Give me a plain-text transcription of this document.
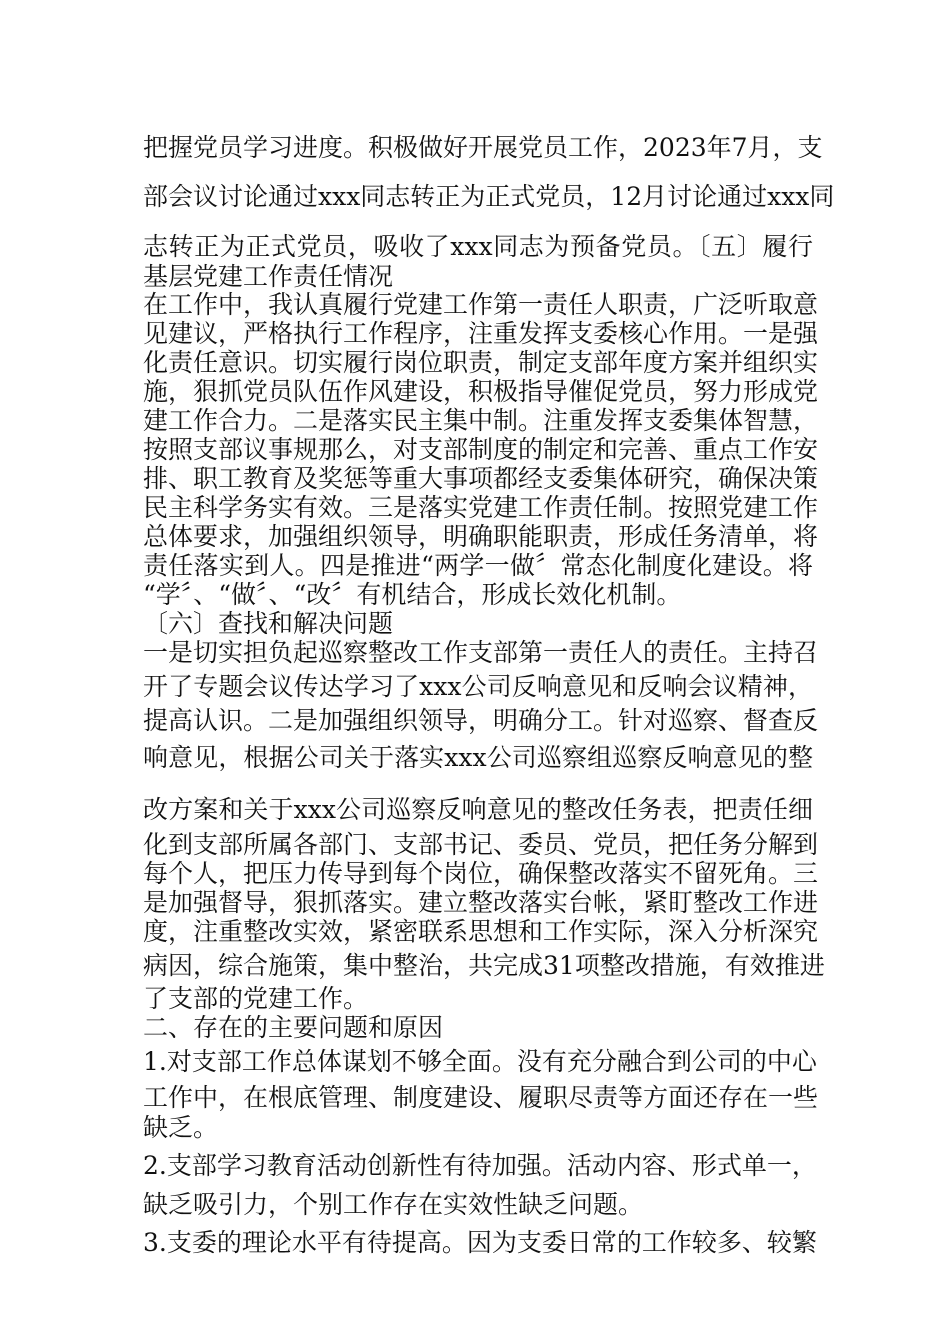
把握党员学习进度。积极做好开展党员工作，2023年7月，支
部会议讨论通过xxx同志转正为正式党员，12月讨论通过xxx同
志转正为正式党员，吸收了xxx同志为预备党员。〔五〕履行
基层党建工作责任情况
在工作中，我认真履行党建工作第一责任人职责，广泛听取意
见建议，严格执行工作程序，注重发挥支委核心作用。一是强
化责任意识。切实履行岗位职责，制定支部年度方案并组织实
施，狠抓党员队伍作风建设，积极指导催促党员，努力形成党
建工作合力。二是落实民主集中制。注重发挥支委集体智慧，
按照支部议事规那么，对支部制度的制定和完善、重点工作安
排、职工教育及奖惩等重大事项都经支委集体研究，确保决策
民主科学务实有效。三是落实党建工作责任制。按照党建工作
总体要求，加强组织领导，明确职能职责，形成任务清单，将
责任落实到人。四是推进“两学一做〞常态化制度化建设。将
“学〞、“做〞、“改〞有机结合，形成长效化机制。
〔六〕查找和解决问题
一是切实担负起巡察整改工作支部第一责任人的责任。主持召
开了专题会议传达学习了xxx公司反响意见和反响会议精神，
提高认识。二是加强组织领导，明确分工。针对巡察、督查反
响意见，根据公司关于落实xxx公司巡察组巡察反响意见的整
改方案和关于xxx公司巡察反响意见的整改任务表，把责任细
化到支部所属各部门、支部书记、委员、党员，把任务分解到
每个人，把压力传导到每个岗位，确保整改落实不留死角。三
是加强督导，狠抓落实。建立整改落实台帐，紧盯整改工作进
度，注重整改实效，紧密联系思想和工作实际，深入分析深究
病因，综合施策，集中整治，共完成31项整改措施，有效推进
了支部的党建工作。
二、存在的主要问题和原因
1.对支部工作总体谋划不够全面。没有充分融合到公司的中心
工作中，在根底管理、制度建设、履职尽责等方面还存在一些
缺乏。
2.支部学习教育活动创新性有待加强。活动内容、形式单一，
缺乏吸引力，个别工作存在实效性缺乏问题。
3.支委的理论水平有待提高。因为支委日常的工作较多、较繁
